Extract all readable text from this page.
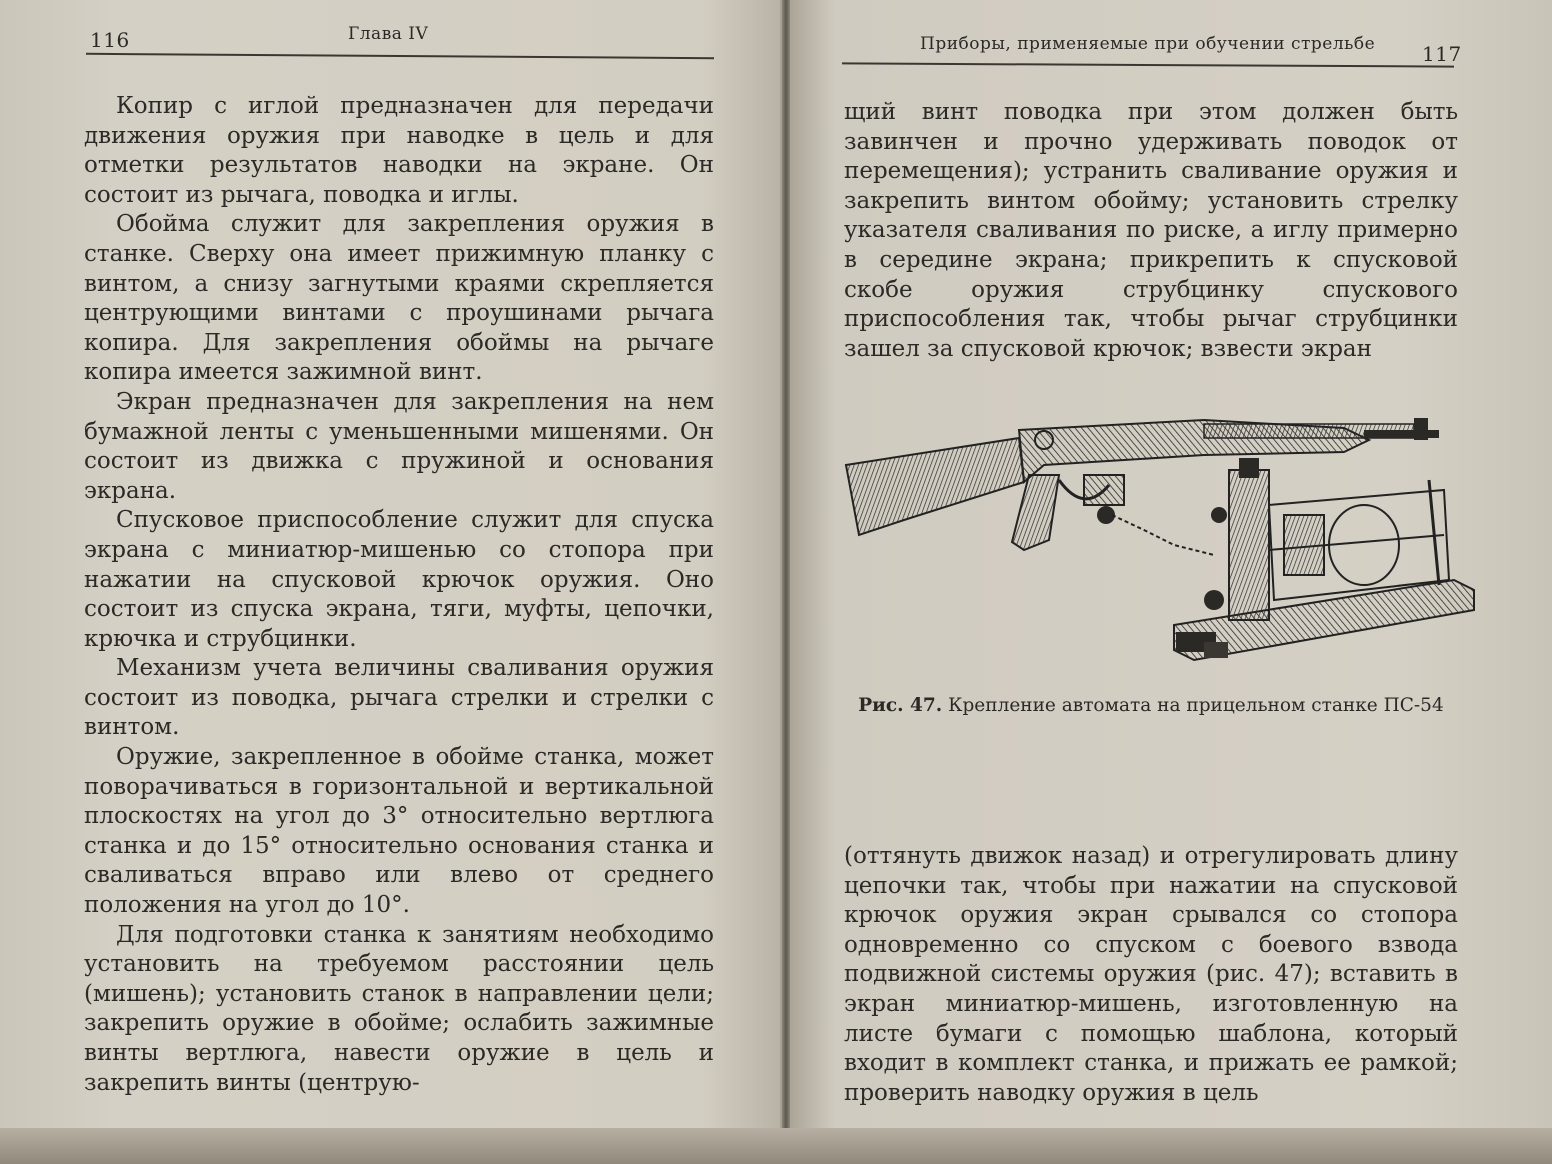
116	Глава IV

Копир с иглой предназначен для передачи движения оружия при наводке в цель и для отметки результатов наводки на экране. Он состоит из рычага, поводка и иглы.

Обойма служит для закрепления оружия в станке. Сверху она имеет прижимную планку с винтом, а снизу загнутыми краями скрепляется центрующими винтами с проушинами рычага копира. Для закрепления обоймы на рычаге копира имеется зажимной винт.

Экран предназначен для закрепления на нем бумажной ленты с уменьшенными мишенями. Он состоит из движка с пружиной и основания экрана.

Спусковое приспособление служит для спуска экрана с миниатюр-мишенью со стопора при нажатии на спусковой крючок оружия. Оно состоит из спуска экрана, тяги, муфты, цепочки, крючка и струбцинки.

Механизм учета величины сваливания оружия состоит из поводка, рычага стрелки и стрелки с винтом.

Оружие, закрепленное в обойме станка, может поворачиваться в горизонтальной и вертикальной плоскостях на угол до 3° относительно вертлюга станка и до 15° относительно основания станка и сваливаться вправо или влево от среднего положения на угол до 10°.

Для подготовки станка к занятиям необходимо установить на требуемом расстоянии цель (мишень); установить станок в направлении цели; закрепить оружие в обойме; ослабить зажимные винты вертлюга, навести оружие в цель и закрепить винты (центрую-

Приборы, применяемые при обучении стрельбе 117

щий винт поводка при этом должен быть завинчен и прочно удерживать поводок от перемещения); устранить сваливание оружия и закрепить винтом обойму; установить стрелку указателя сваливания по риске, а иглу примерно в середине экрана; прикрепить к спусковой скобе оружия струбцинку спускового приспособления так, чтобы рычаг струбцинки зашел за спусковой крючок; взвести экран

Рис. 47. Крепление автомата на прицельном станке ПС-54

(оттянуть движок назад) и отрегулировать длину цепочки так, чтобы при нажатии на спусковой крючок оружия экран срывался со стопора одновременно со спуском с боевого взвода подвижной системы оружия (рис. 47); вставить в экран миниатюр-мишень, изготовленную на листе бумаги с помощью шаблона, который входит в комплект станка, и прижать ее рамкой; проверить наводку оружия в цель
